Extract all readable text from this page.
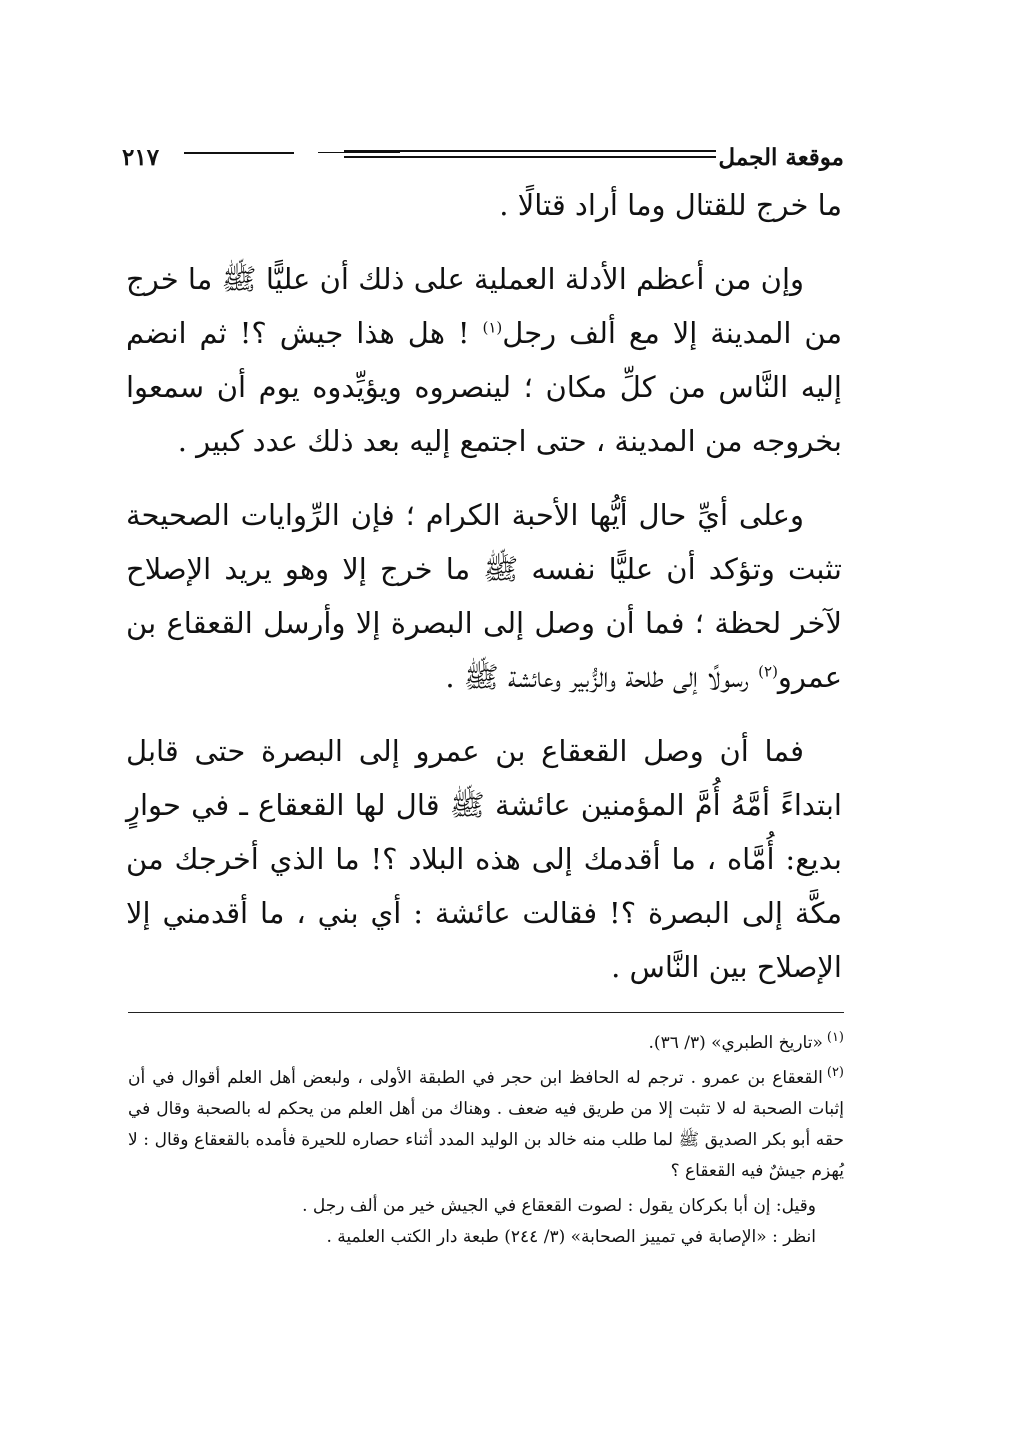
٢١٧	موقعة الجمل

ما خرج للقتال وما أراد قتالًا .

وإن من أعظم الأدلة العملية على ذلك أن عليًّا ﷺ ما خرج من المدينة إلا مع ألف رجل$^{(١)}$ ! هل هذا جيش ؟! ثم انضم إليه النَّاس من كلِّ مكان ؛ لينصروه ويؤيِّدوه يوم أن سمعوا بخروجه من المدينة ، حتى اجتمع إليه بعد ذلك عدد كبير .

وعلى أيِّ حال أيُّها الأحبة الكرام ؛ فإن الرِّوايات الصحيحة تثبت وتؤكد أن عليًّا نفسه ﷺ ما خرج إلا وهو يريد الإصلاح لآخر لحظة ؛ فما أن وصل إلى البصرة إلا وأرسل القعقاع بن عمرو$^{(٢)}$ رسولًا إلى طلحة والزُّبير وعائشة ﷺ .

فما أن وصل القعقاع بن عمرو إلى البصرة حتى قابل ابتداءً أمَّهُ أُمَّ المؤمنين عائشة ﷺ قال لها القعقاع ـ في حوارٍ بديع: أُمَّاه ، ما أقدمك إلى هذه البلاد ؟! ما الذي أخرجك من مكَّة إلى البصرة ؟! فقالت عائشة : أي بني ، ما أقدمني إلا الإصلاح بين النَّاس .

$^{(١)}$«تاريخ الطبري» (٣/ ٣٦).

$^{(٢)}$القعقاع بن عمرو . ترجم له الحافظ ابن حجر في الطبقة الأولى ، ولبعض أهل العلم أقوال في أن إثبات الصحبة له لا تثبت إلا من طريق فيه ضعف . وهناك من أهل العلم من يحكم له بالصحبة وقال في حقه أبو بكر الصديق ﷺ لما طلب منه خالد بن الوليد المدد أثناء حصاره للحيرة فأمده بالقعقاع وقال : لا يُهزم جيشٌ فيه القعقاع ؟

وقيل: إن أبا بكركان يقول : لصوت القعقاع في الجيش خير من ألف رجل .

انظر : «الإصابة في تمييز الصحابة» (٣/ ٢٤٤) طبعة دار الكتب العلمية .
